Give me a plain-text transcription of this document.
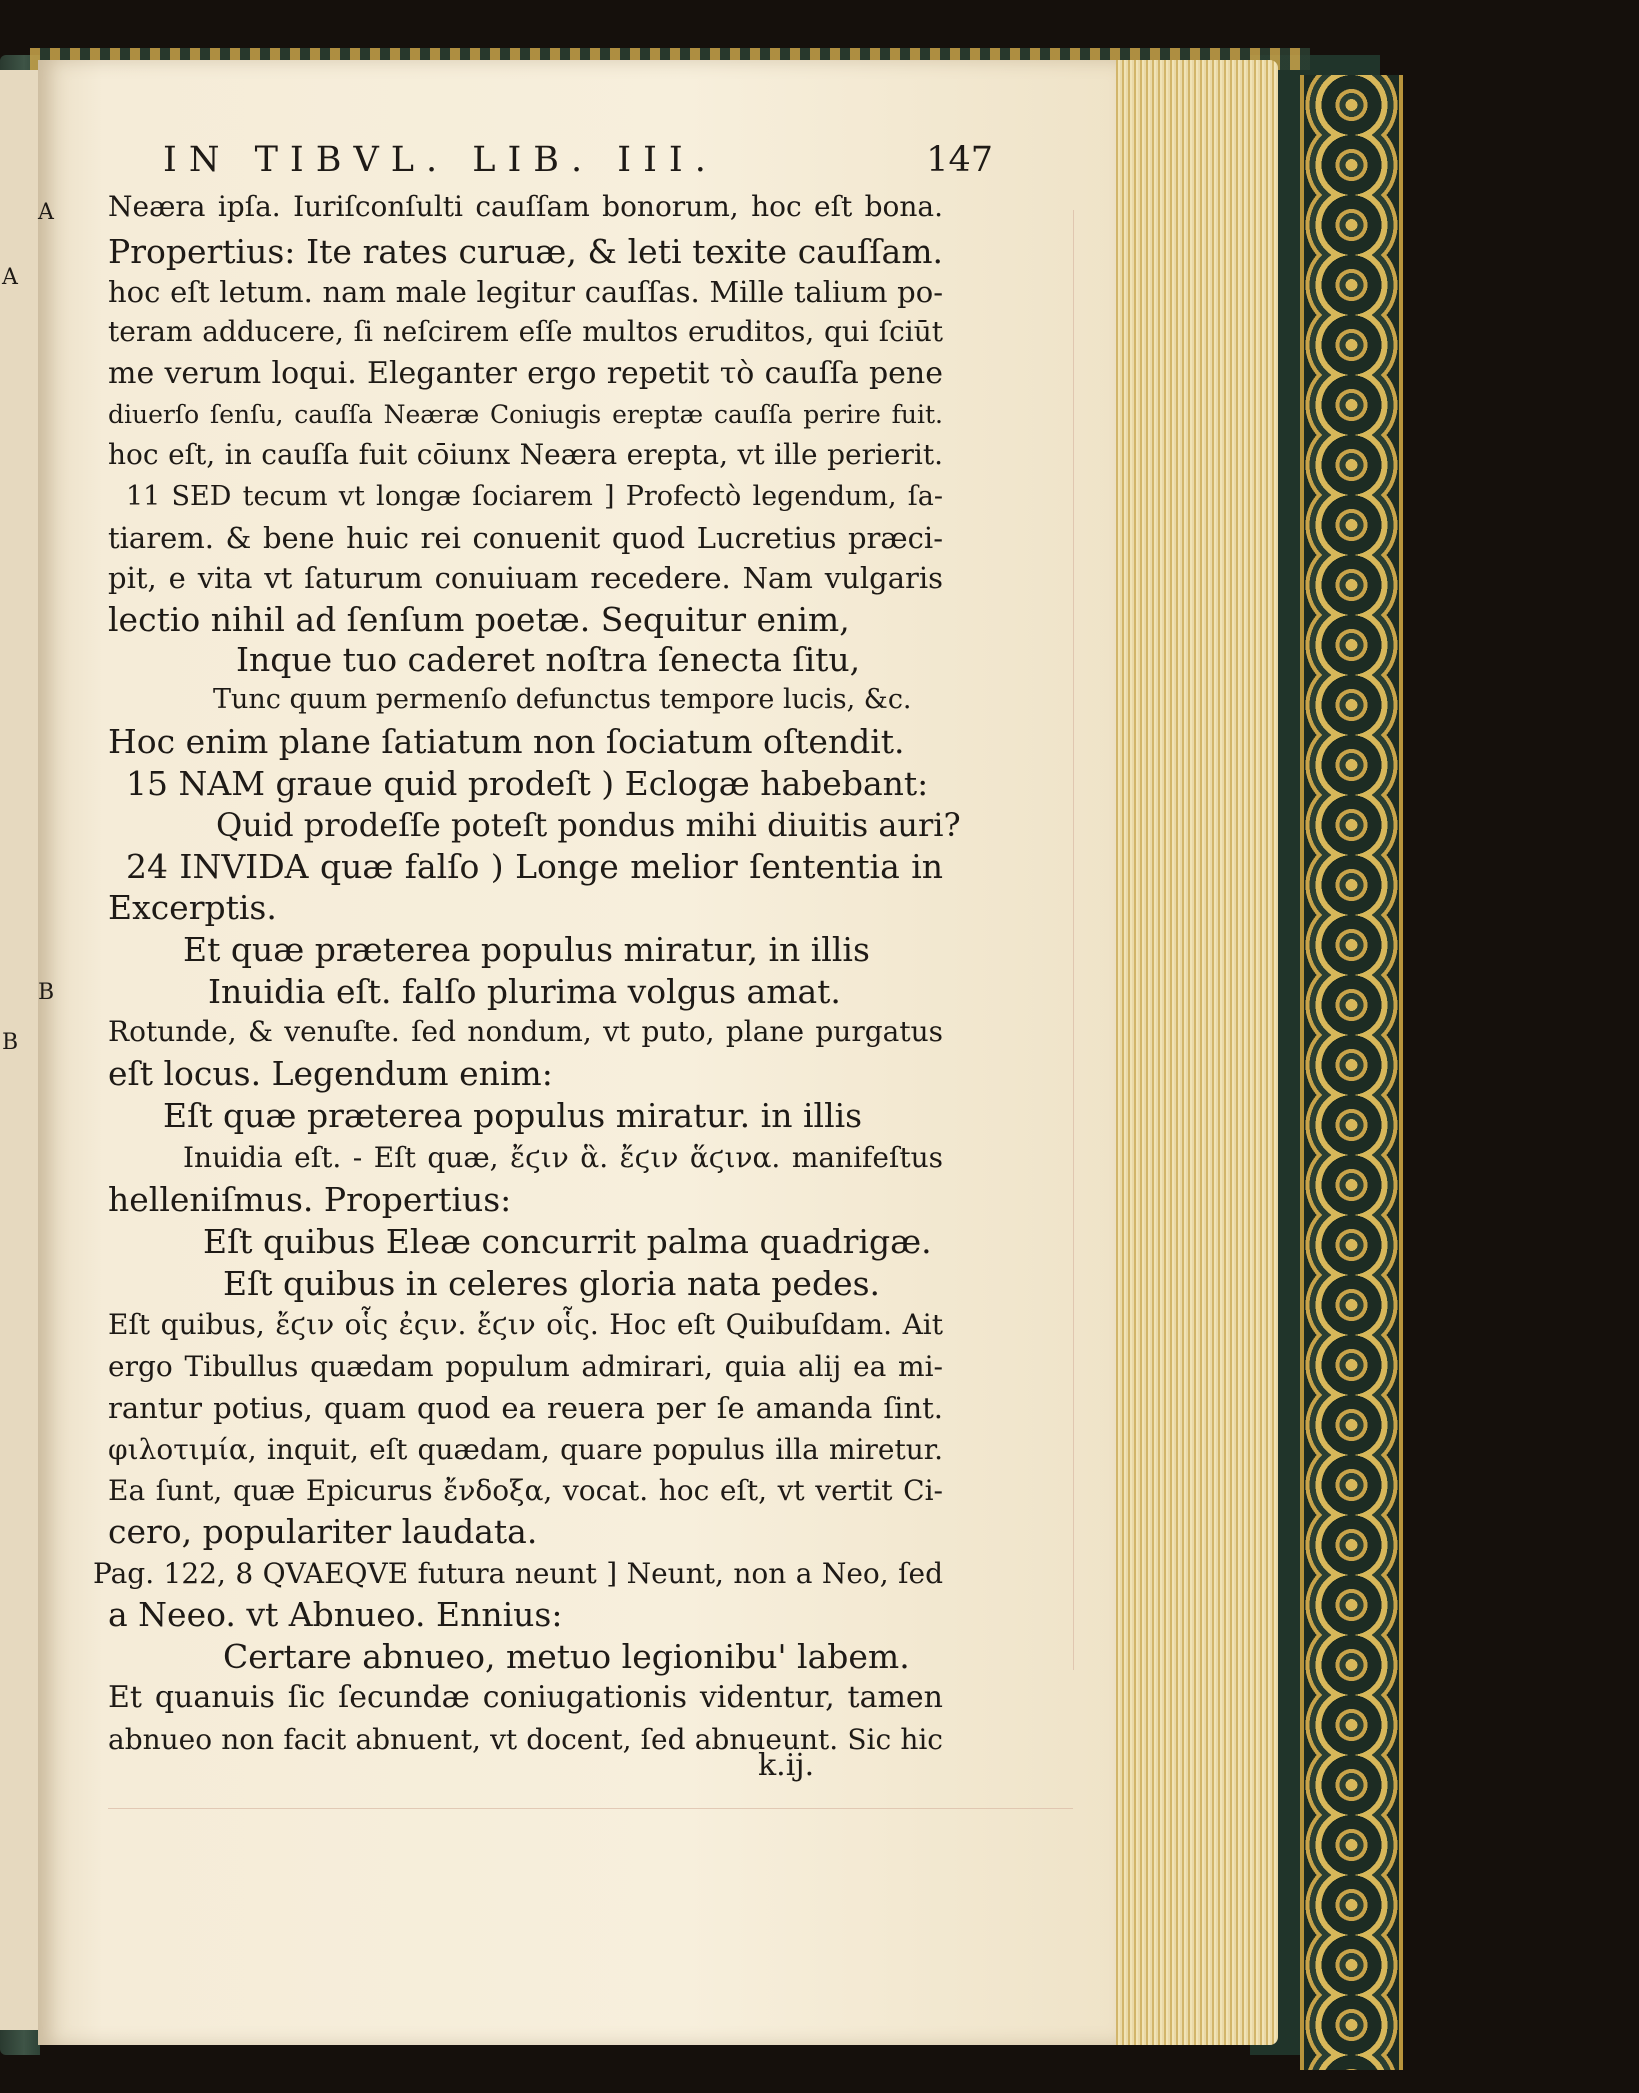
A
B
IN TIBVL. LIB. III.	147
A
B
Neæra ipſa. Iuriſconſulti cauſſam bonorum, hoc eſt bona.
Propertius: Ite rates curuæ, & leti texite cauſſam.
hoc eſt letum. nam male legitur cauſſas. Mille talium po-
teram adducere, ſi neſcirem eſſe multos eruditos, qui ſciūt
me verum loqui. Eleganter ergo repetit τὸ cauſſa pene
diuerſo ſenſu, cauſſa Neæræ Coniugis ereptæ cauſſa perire fuit.
hoc eſt, in cauſſa fuit cōiunx Neæra erepta, vt ille perierit.
11 SED tecum vt longæ ſociarem ] Profectò legendum, ſa-
tiarem. & bene huic rei conuenit quod Lucretius præci-
pit, e vita vt ſaturum conuiuam recedere. Nam vulgaris
lectio nihil ad ſenſum poetæ. Sequitur enim,
Inque tuo caderet noſtra ſenecta ſitu,
Tunc quum permenſo defunctus tempore lucis, &c.
Hoc enim plane ſatiatum non ſociatum oſtendit.
15 NAM graue quid prodeſt ) Eclogæ habebant:
Quid prodeſſe poteſt pondus mihi diuitis auri?
24 INVIDA quæ falſo ) Longe melior ſententia in
Excerptis.
Et quæ præterea populus miratur, in illis
Inuidia eſt. falſo plurima volgus amat.
Rotunde, & venuſte. ſed nondum, vt puto, plane purgatus
eſt locus. Legendum enim:
Eſt quæ præterea populus miratur. in illis
Inuidia eſt. - Eſt quæ, ἔϛιν ἃ. ἔϛιν ἅϛινα. manifeſtus
helleniſmus. Propertius:
Eſt quibus Eleæ concurrit palma quadrigæ.
Eſt quibus in celeres gloria nata pedes.
Eſt quibus, ἔϛιν οἷς ἐςιν. ἔϛιν οἷς. Hoc eſt Quibuſdam. Ait
ergo Tibullus quædam populum admirari, quia alij ea mi-
rantur potius, quam quod ea reuera per ſe amanda ſint.
φιλοτιμία, inquit, eſt quædam, quare populus illa miretur.
Ea ſunt, quæ Epicurus ἔνδοξα, vocat. hoc eſt, vt vertit Ci-
cero, populariter laudata.
Pag. 122, 8 QVAEQVE futura neunt ] Neunt, non a Neo, ſed
a Neeo. vt Abnueo. Ennius:
Certare abnueo, metuo legionibu' labem.
Et quanuis ſic ſecundæ coniugationis videntur, tamen
abnueo non facit abnuent, vt docent, ſed abnueunt. Sic hic
k.ij.
